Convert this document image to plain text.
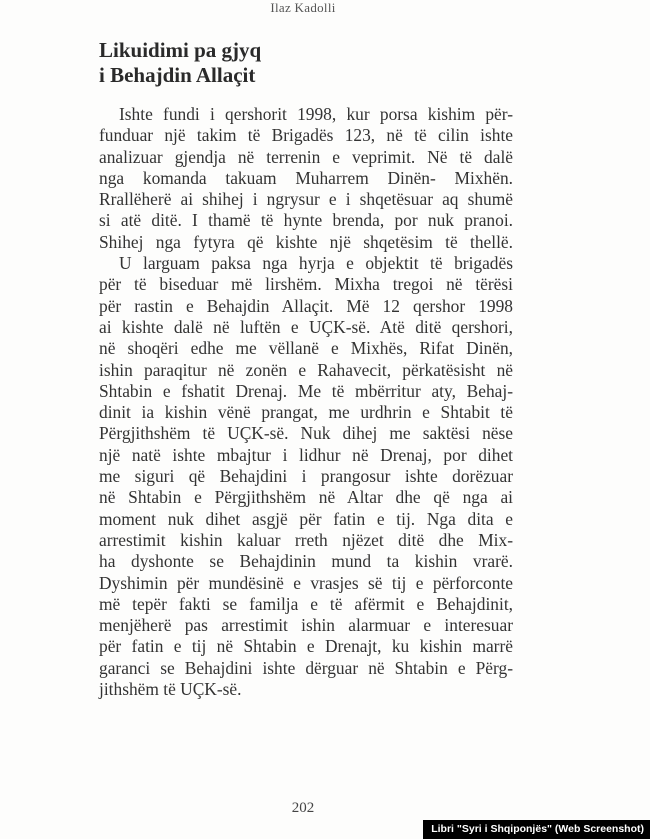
Ilaz Kadolli
Likuidimi pa gjyq
i Behajdin Allaçit
Ishte fundi i qershorit 1998, kur porsa kishim për-
funduar një takim të Brigadës 123, në të cilin ishte
analizuar gjendja në terrenin e veprimit. Në të dalë
nga komanda takuam Muharrem Dinën- Mixhën.
Rrallëherë ai shihej i ngrysur e i shqetësuar aq shumë
si atë ditë. I thamë të hynte brenda, por nuk pranoi.
Shihej nga fytyra që kishte një shqetësim të thellë.
U larguam paksa nga hyrja e objektit të brigadës
për të biseduar më lirshëm. Mixha tregoi në tërësi
për rastin e Behajdin Allaçit. Më 12 qershor 1998
ai kishte dalë në luftën e UÇK-së. Atë ditë qershori,
në shoqëri edhe me vëllanë e Mixhës, Rifat Dinën,
ishin paraqitur në zonën e Rahavecit, përkatësisht në
Shtabin e fshatit Drenaj. Me të mbërritur aty, Behaj-
dinit ia kishin vënë prangat, me urdhrin e Shtabit të
Përgjithshëm të UÇK-së. Nuk dihej me saktësi nëse
një natë ishte mbajtur i lidhur në Drenaj, por dihet
me siguri që Behajdini i prangosur ishte dorëzuar
në Shtabin e Përgjithshëm në Altar dhe që nga ai
moment nuk dihet asgjë për fatin e tij. Nga dita e
arrestimit kishin kaluar rreth njëzet ditë dhe Mix-
ha dyshonte se Behajdinin mund ta kishin vrarë.
Dyshimin për mundësinë e vrasjes së tij e përforconte
më tepër fakti se familja e të afërmit e Behajdinit,
menjëherë pas arrestimit ishin alarmuar e interesuar
për fatin e tij në Shtabin e Drenajt, ku kishin marrë
garanci se Behajdini ishte dërguar në Shtabin e Përg-
jithshëm të UÇK-së.
202
Libri "Syri i Shqiponjës" (Web Screenshot)
